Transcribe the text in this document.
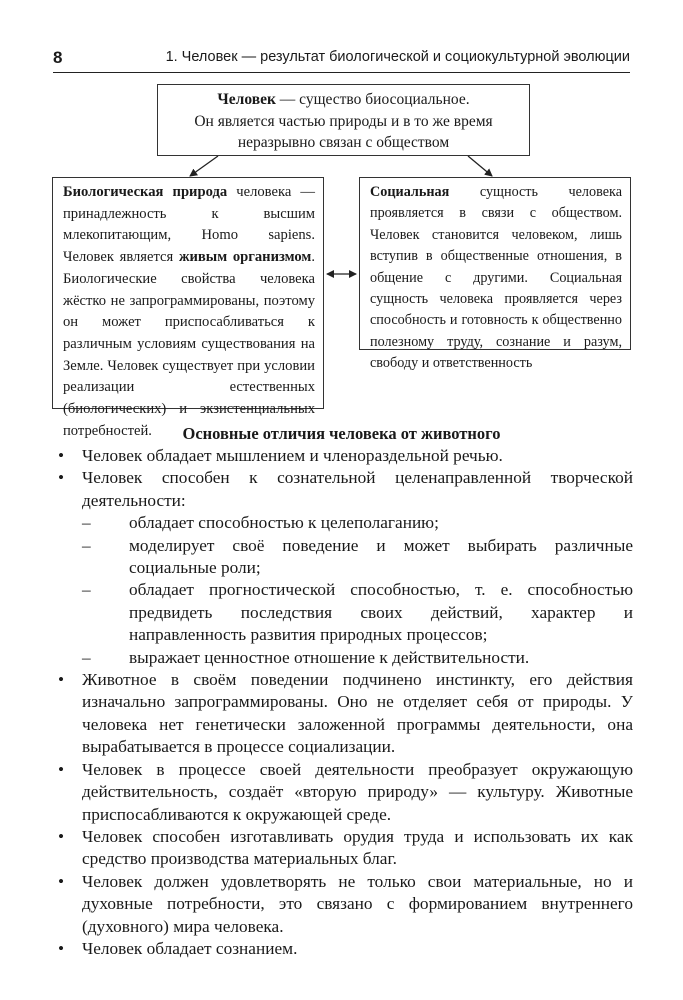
8	1. Человек — результат биологической и социокультурной эволюции
Человек — существо биосоциальное.
Он является частью природы и в то же время
неразрывно связан с обществом
Биологическая природа человека — принадлежность к высшим млекопитающим, Homo sapiens. Человек является живым организмом. Биологические свойства человека жёстко не запрограммированы, поэтому он может приспосабливаться к различным условиям существования на Земле. Человек существует при условии реализации естественных (биологических) и экзистенциальных потребностей.
Социальная сущность человека проявляется в связи с обществом. Человек становится человеком, лишь вступив в общественные отношения, в общение с другими. Социальная сущность человека проявляется через способность и готовность к общественно полезному труду, сознание и разум, свободу и ответственность
Основные отличия человека от животного
• Человек обладает мышлением и членораздельной речью.
• Человек способен к сознательной целенаправленной творческой деятельности:
– обладает способностью к целеполаганию;
– моделирует своё поведение и может выбирать различные социальные роли;
– обладает прогностической способностью, т. е. способностью предвидеть последствия своих действий, характер и направленность развития природных процессов;
– выражает ценностное отношение к действительности.
• Животное в своём поведении подчинено инстинкту, его действия изначально запрограммированы. Оно не отделяет себя от природы. У человека нет генетически заложенной программы деятельности, она вырабатывается в процессе социализации.
• Человек в процессе своей деятельности преобразует окружающую действительность, создаёт «вторую природу» — культуру. Животные приспосабливаются к окружающей среде.
• Человек способен изготавливать орудия труда и использовать их как средство производства материальных благ.
• Человек должен удовлетворять не только свои материальные, но и духовные потребности, это связано с формированием внутреннего (духовного) мира человека.
• Человек обладает сознанием.
